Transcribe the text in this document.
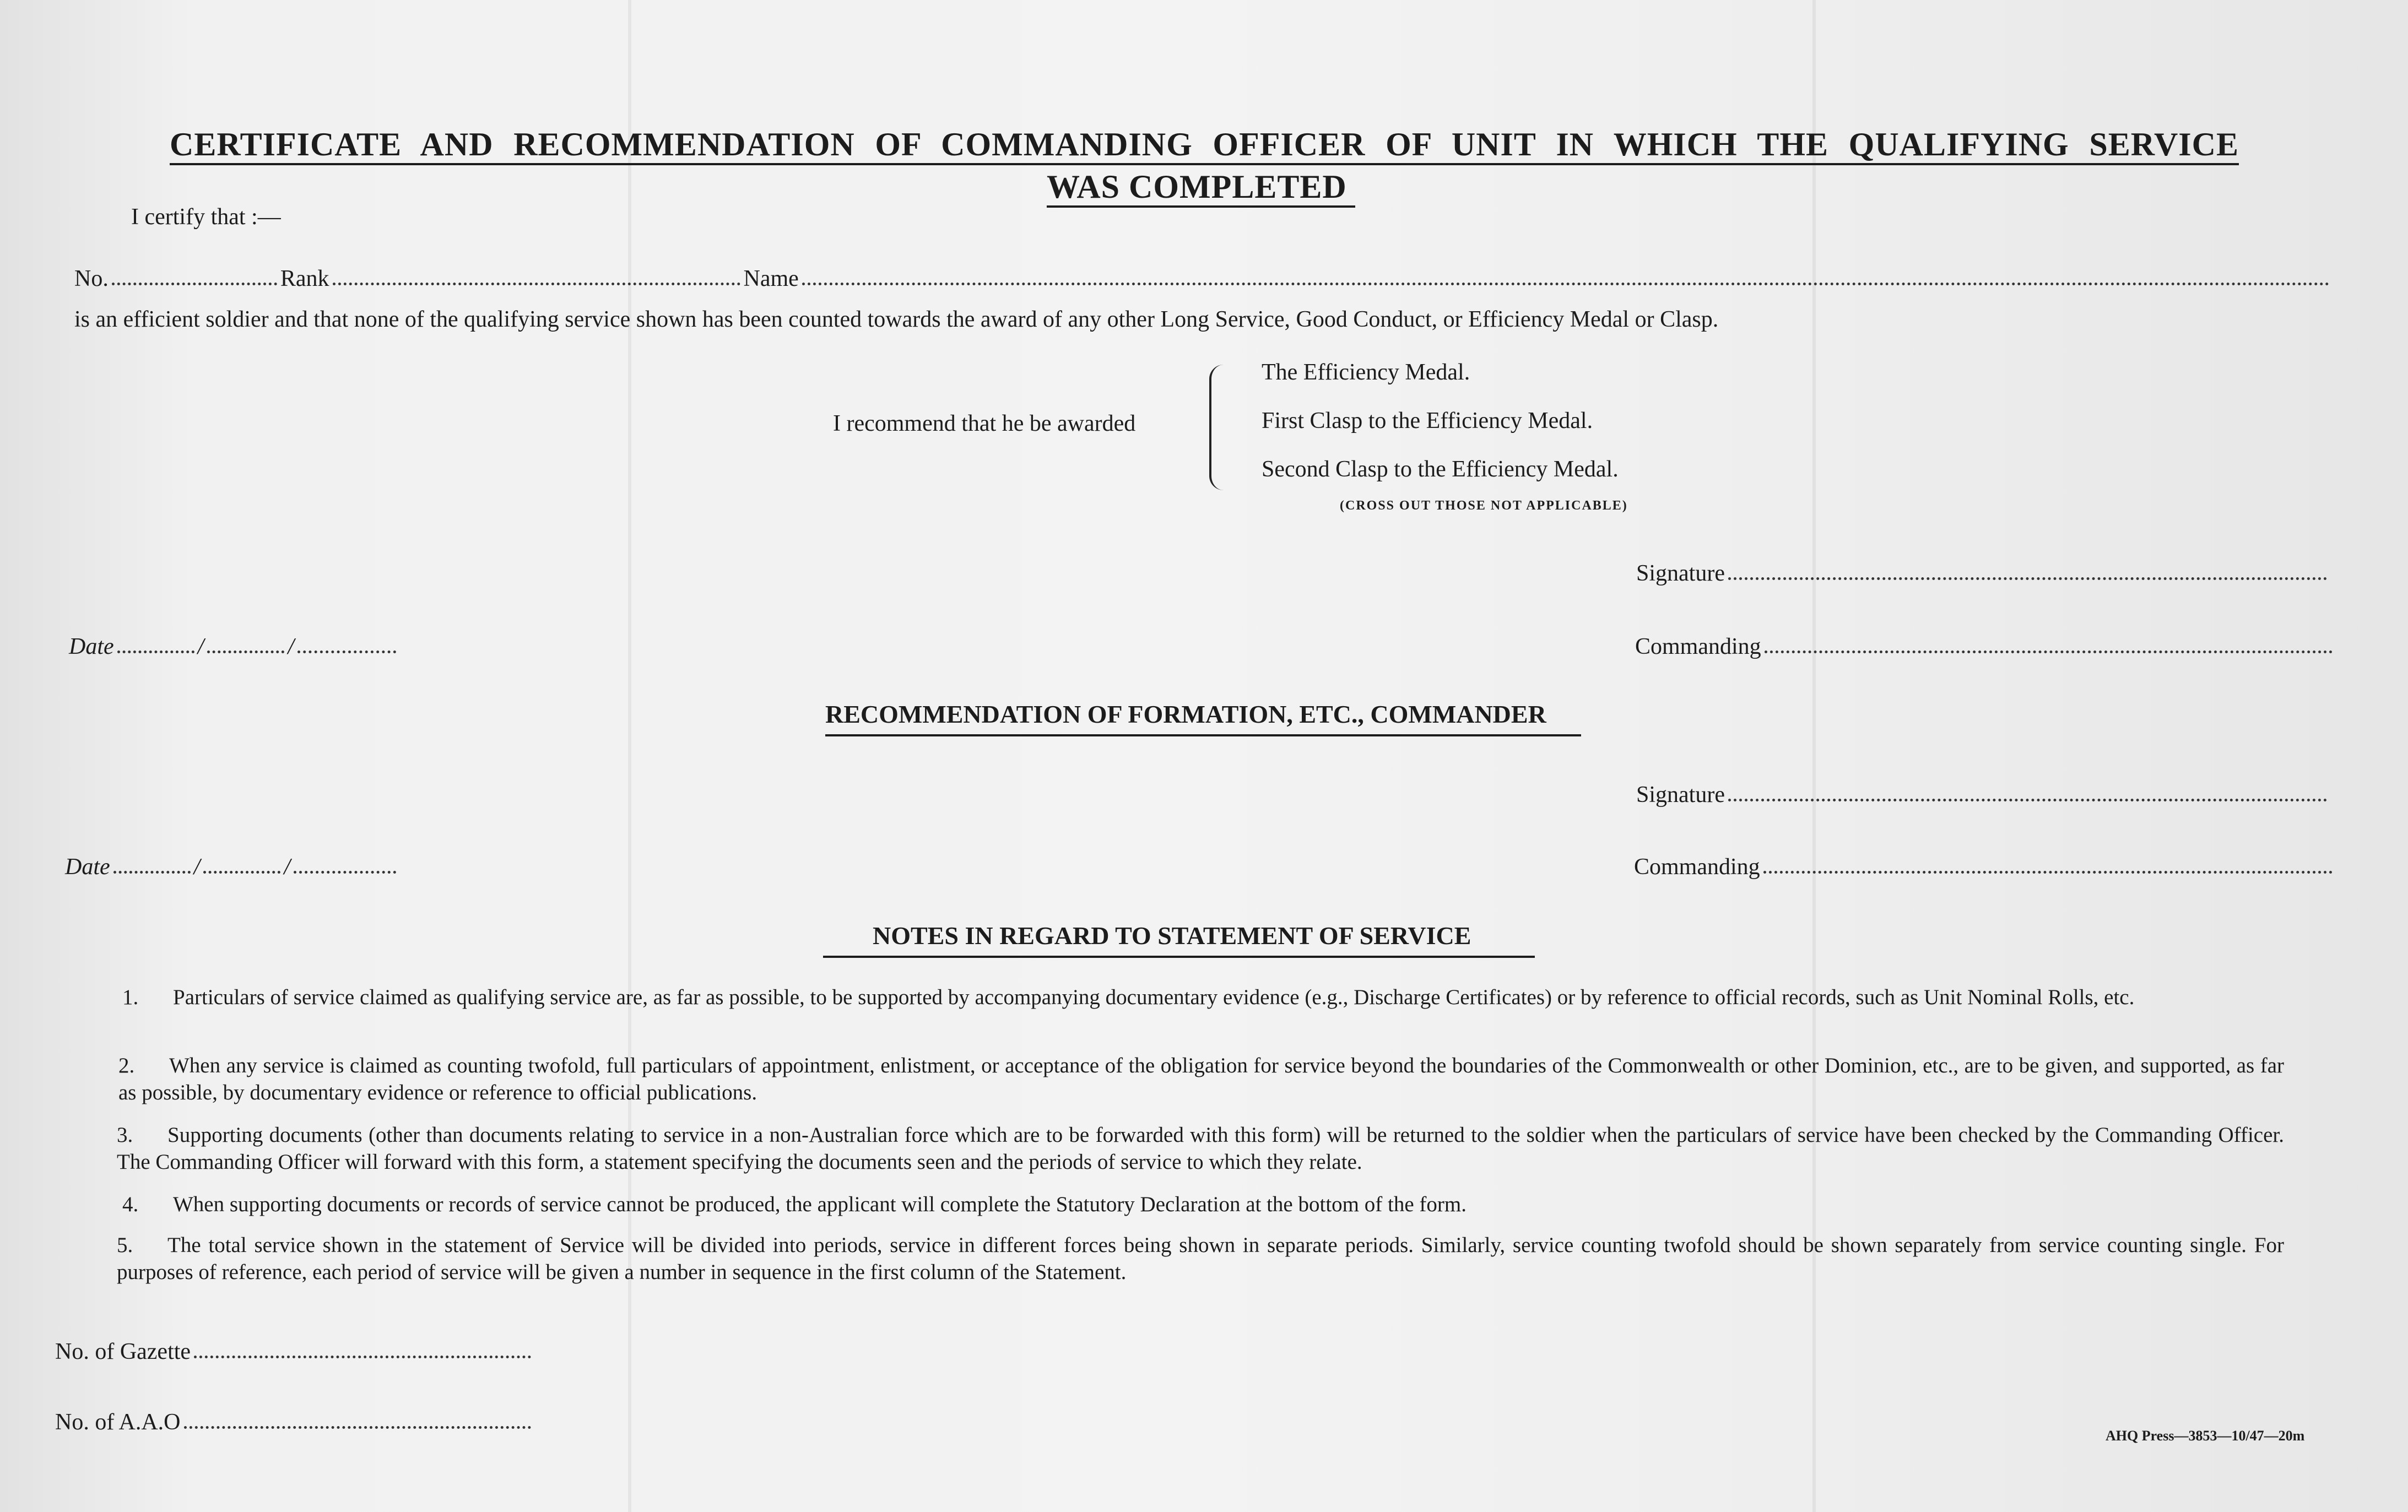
CERTIFICATE AND RECOMMENDATION OF COMMANDING OFFICER OF UNIT IN WHICH THE QUALIFYING SERVICE
WAS COMPLETED
I certify that :—
No.	Rank	Name
is an efficient soldier and that none of the qualifying service shown has been counted towards the award of any other Long Service, Good Conduct, or Efficiency Medal or Clasp.
I recommend that he be awarded
The Efficiency Medal.
First Clasp to the Efficiency Medal.
Second Clasp to the Efficiency Medal.
(CROSS OUT THOSE NOT APPLICABLE)
Signature
Date	/	/	Commanding
RECOMMENDATION OF FORMATION, ETC., COMMANDER
Signature
Date	/	/	Commanding
NOTES IN REGARD TO STATEMENT OF SERVICE
1. Particulars of service claimed as qualifying service are, as far as possible, to be supported by accompanying documentary evidence (e.g., Discharge Certificates) or by reference to official records, such as Unit Nominal Rolls, etc.
2. When any service is claimed as counting twofold, full particulars of appointment, enlistment, or acceptance of the obligation for service beyond the boundaries of the Commonwealth or other Dominion, etc., are to be given, and supported, as far as possible, by documentary evidence or reference to official publications.
3. Supporting documents (other than documents relating to service in a non-Australian force which are to be forwarded with this form) will be returned to the soldier when the particulars of service have been checked by the Commanding Officer. The Commanding Officer will forward with this form, a statement specifying the documents seen and the periods of service to which they relate.
4. When supporting documents or records of service cannot be produced, the applicant will complete the Statutory Declaration at the bottom of the form.
5. The total service shown in the statement of Service will be divided into periods, service in different forces being shown in separate periods. Similarly, service counting twofold should be shown separately from service counting single. For purposes of reference, each period of service will be given a number in sequence in the first column of the Statement.
No. of Gazette
No. of A.A.O
AHQ Press—3853—10/47—20m
